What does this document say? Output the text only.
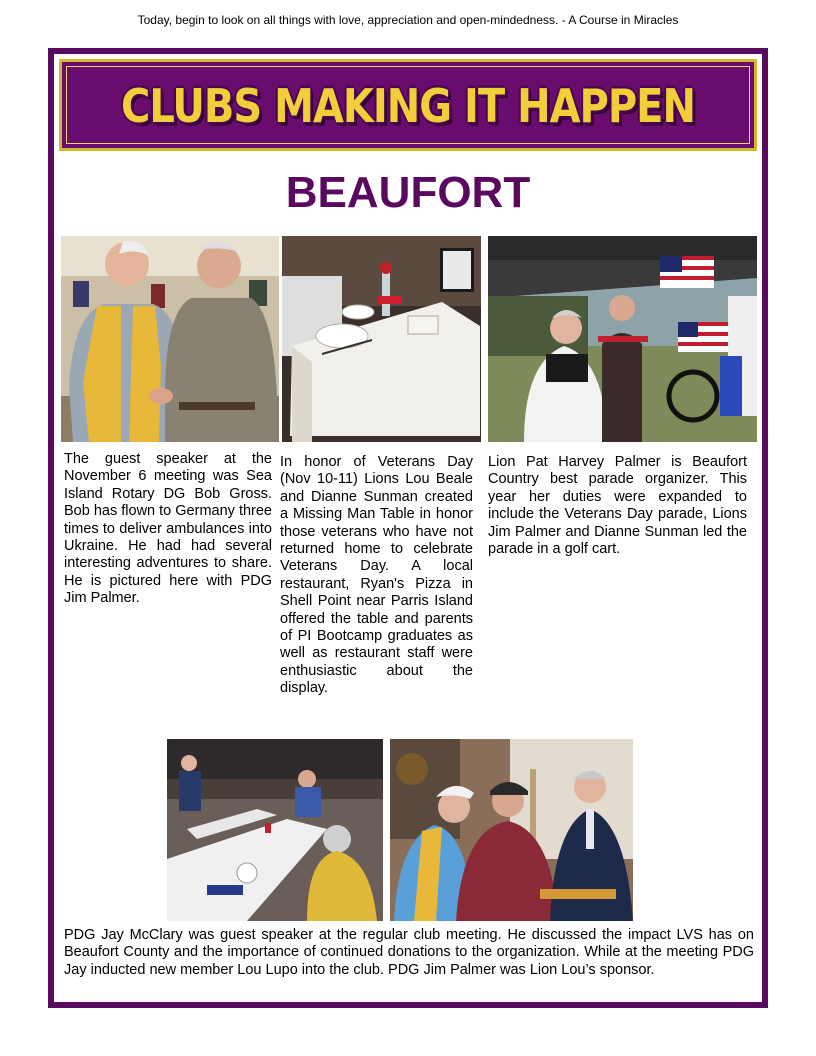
Today, begin to look on all things with love, appreciation and open-mindedness. - A Course in Miracles
CLUBS MAKING IT HAPPEN
BEAUFORT

The guest speaker at the November 6 meeting was Sea Island Rotary DG Bob Gross. Bob has flown to Germany three times to deliver ambulances into Ukraine. He had had several interesting adventures to share. He is pictured here with PDG Jim Palmer.

In honor of Veterans Day (Nov 10-11) Lions Lou Beale and Dianne Sunman created a Missing Man Table in honor those veterans who have not returned home to celebrate Veterans Day. A local restaurant, Ryan's Pizza in Shell Point near Parris Island offered the table and parents of PI Bootcamp graduates as well as restaurant staff were enthusiastic about the display.

Lion Pat Harvey Palmer is Beaufort Country best parade organizer. This year her duties were expanded to include the Veterans Day parade, Lions Jim Palmer and Dianne Sunman led the parade in a golf cart.

PDG Jay McClary was guest speaker at the regular club meeting. He discussed the impact LVS has on Beaufort County and the importance of continued donations to the organization. While at the meeting PDG Jay inducted new member Lou Lupo into the club. PDG Jim Palmer was Lion Lou’s sponsor.
